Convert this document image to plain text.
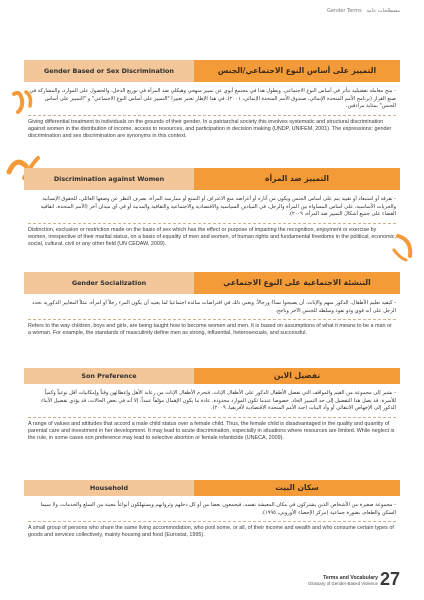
Gender Terms مصطلحات عامة
Gender Based or Sex Discrimination	التمييز على أساس النوع الاجتماعي/الجنس
- منح معاملة تفضيلية تتأثر في أساس النوع الاجتماعي. ويطول هذا في مجتمع أبوي عن تمييز منهجي وهيكلي ضد المرأة في توزيع الدخل، والحصول على الموارد، والمشاركة في صنع القرار (برنامج الأمم المتحدة الإنمائي، صندوق الأمم المتحدة الإنمائي، ٢٠٠١). في هذا الإطار تعتبر تعبيرا "التمييز على أساس النوع الاجتماعي" و "التمييز على أساس الجنس" بمثابة مرادفين.
Giving differential treatment to individuals on the grounds of their gender. In a patriarchal society this involves systematic and structural discrimination against women in the distribution of income, access to resources, and participation in decision making (UNDP, UNIFEM, 2001). The expressions: gender discrimination and sex discrimination are synonyms in this context.
Discrimination against Women	التمييز ضد المرأة
- تفرقة أو استبعاد أو تقييد يتم على أساس الجنس ويكون من آثاره أو أغراضه منع الاعتراف أو التمتع أو ممارسة المرأة، بصرف النظر عن وضعها العائلي، للحقوق الإنسانية والحريات الأساسية، على أساس المساواة بين المرأة والرجل، في الميادين السياسية والاقتصادية والاجتماعية والثقافية والمدنية أو في أي ميدان آخر (الأمم المتحدة، اتفاقية القضاء على جميع أشكال التمييز ضد المرأة، ٢٠٠٩).
Distinction, exclusion or restriction made on the basis of sex which has the effect or purpose of impairing the recognition, enjoyment or exercise by women, irrespective of their marital status, on a basis of equality of men and women, of human rights and fundamental freedoms in the political, economic, social, cultural, civil or any other field (UN CEDAW, 2009).
Gender Socialization	التنشئة الاجتماعية على النوع الاجتماعي
- كيفية تعليم الأطفال، الذكور منهم والإناث، أن يصبحوا نساءً ورجالاً. ويعني ذلك في افتراضات سائدة اجتماعيا لما يعنيه أن يكون المرء رجلاً أو امرأة. مثلاً المعايير الذكورية تحدد الرجل على أنه قوي وذو نفوذ وسلطة للجنس الآخر وناجح.
Refers to the way children, boys and girls, are being taught how to become women and men. It is based on assumptions of what it means to be a man or a woman. For example, the standards of masculinity define men as strong, influential, heterosexuals, and successful.
Son Preference	تفضيل الابن
- يشير إلى مجموعة من القيم والمواقف التي تفضل الأطفال الذكور على الأطفال الإناث. فتحرم الأطفال الإناث من رعاية الأهل وإعطائهن وقتاً وإمكانيات أقل نوعياً وكمياً للأسرة. قد يصل هذا التفضيل إلى حد التمييز الحاد. خصوصا عندما تكون الموارد محدودة. عادة ما يكون الإهمال مؤلفاً عمداً. إلا أنه في بعض الحالات، قد يؤدي تفضيل الأبناء الذكور إلى الإجهاض الانتقائي أو وأد البنات (جنة الأمم المتحدة الاقتصادية لأفريقيا، ٢٠٠٩).
A range of values and attitudes that accord a male child status over a female child. Thus, the female child is disadvantaged in the quality and quantity of parental care and investment in her development. It may lead to acute discrimination, especially in situations where resources are limited. While neglect is the rule, in some cases son preference may lead to selective abortion or female infanticide (UNECA, 2009).
Household	سكان البيت
- مجموعة صغيرة من الأشخاص الذين يشتركون في مكان المعيشة نفسه، فيجمعون بعضا من أو كل دخلهم وثرواتهم ويستهلكون أنواعاً معينة من السلع والخدمات، ولا سيما السكن والطعام، بصورة جماعية (مركز الإحصاء الأوروبي، ١٩٩٥).
A small group of persons who share the same living accommodation, who pool some, or all, of their income and wealth and who consume certain types of goods and services collectively, mainly housing and food (Eurostat, 1995).
Terms and Vocabulary
Glossary of Gender-Based Violence 27
